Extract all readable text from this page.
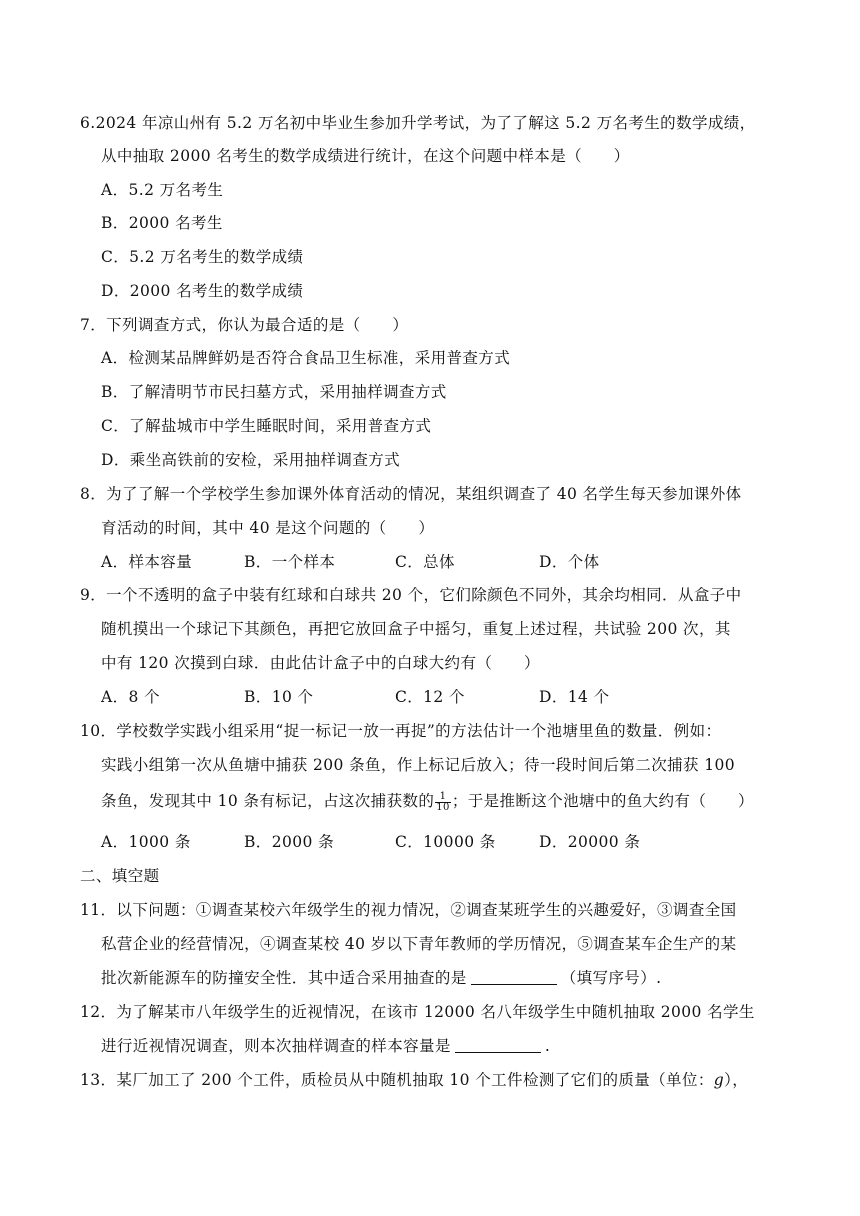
6.2024 年凉山州有 5.2 万名初中毕业生参加升学考试，为了了解这 5.2 万名考生的数学成绩，
从中抽取 2000 名考生的数学成绩进行统计，在这个问题中样本是（　　）
A．5.2 万名考生
B．2000 名考生
C．5.2 万名考生的数学成绩
D．2000 名考生的数学成绩
7．下列调查方式，你认为最合适的是（　　）
A．检测某品牌鲜奶是否符合食品卫生标准，采用普查方式
B．了解清明节市民扫墓方式，采用抽样调查方式
C．了解盐城市中学生睡眠时间，采用普查方式
D．乘坐高铁前的安检，采用抽样调查方式
8．为了了解一个学校学生参加课外体育活动的情况，某组织调查了 40 名学生每天参加课外体
育活动的时间，其中 40 是这个问题的（　　）
A．样本容量	B．一个样本	C．总体	D．个体
9．一个不透明的盒子中装有红球和白球共 20 个，它们除颜色不同外，其余均相同．从盒子中
随机摸出一个球记下其颜色，再把它放回盒子中摇匀，重复上述过程，共试验 200 次，其
中有 120 次摸到白球．由此估计盒子中的白球大约有（　　）
A．8 个	B．10 个	C．12 个	D．14 个
10．学校数学实践小组采用“捉一标记一放一再捉”的方法估计一个池塘里鱼的数量．例如：
实践小组第一次从鱼塘中捕获 200 条鱼，作上标记后放入；待一段时间后第二次捕获 100
条鱼，发现其中 10 条有标记，占这次捕获数的 $\frac{1}{10}$ ；于是推断这个池塘中的鱼大约有（　　）
A．1000 条	B．2000 条	C．10000 条	D．20000 条
二、填空题
11．以下问题：①调查某校六年级学生的视力情况，②调查某班学生的兴趣爱好，③调查全国
私营企业的经营情况，④调查某校 40 岁以下青年教师的学历情况，⑤调查某车企生产的某
批次新能源车的防撞安全性．其中适合采用抽查的是	（填写序号）.
12．为了解某市八年级学生的近视情况，在该市 12000 名八年级学生中随机抽取 2000 名学生
进行近视情况调查，则本次抽样调查的样本容量是	.
13．某厂加工了 200 个工件，质检员从中随机抽取 10 个工件检测了它们的质量（单位：g），
